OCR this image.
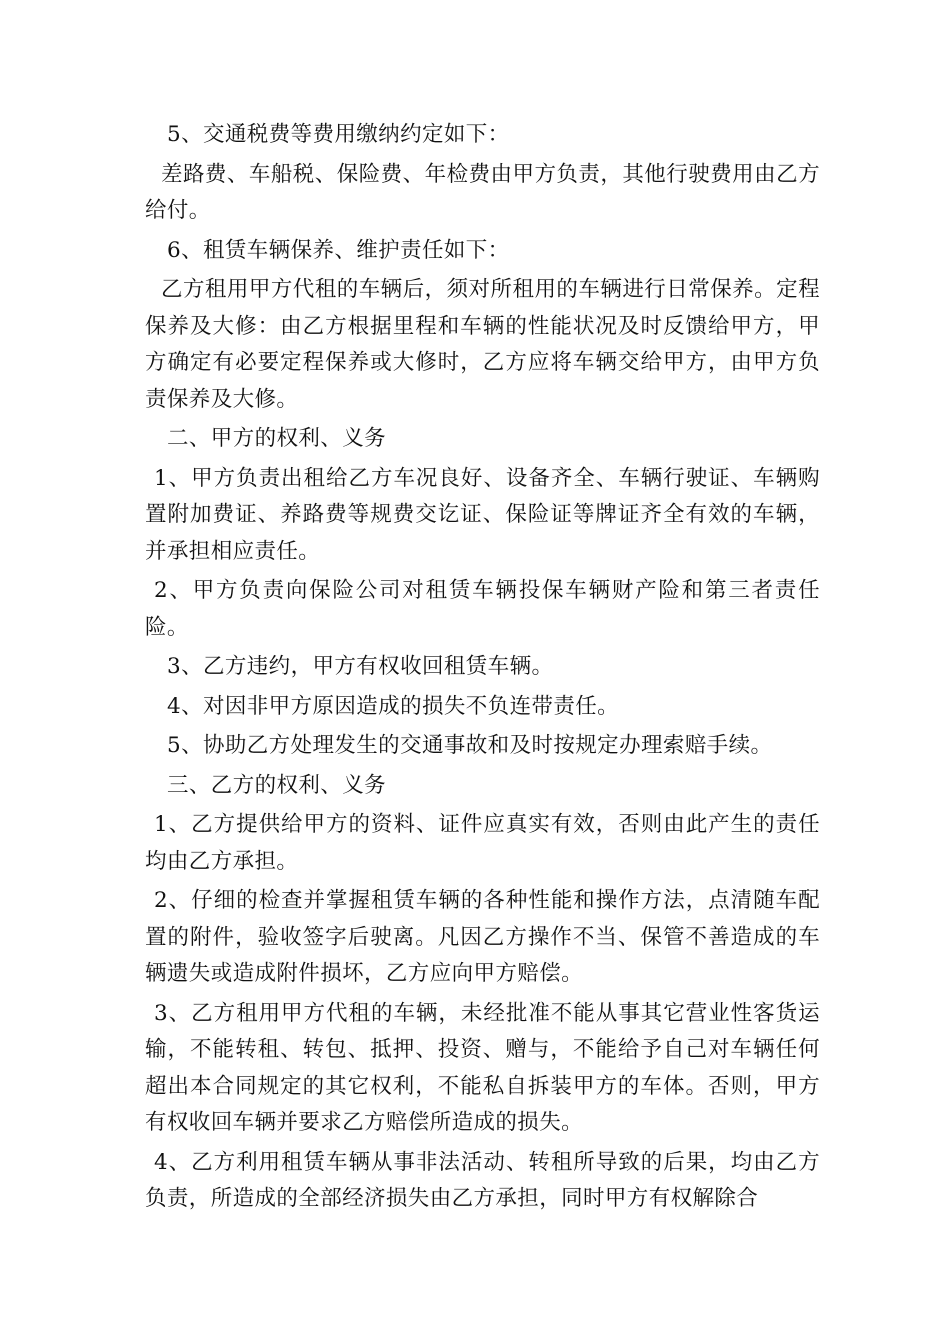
5、交通税费等费用缴纳约定如下：

差路费、车船税、保险费、年检费由甲方负责，其他行驶费用由乙方给付。

6、租赁车辆保养、维护责任如下：

乙方租用甲方代租的车辆后，须对所租用的车辆进行日常保养。定程保养及大修：由乙方根据里程和车辆的性能状况及时反馈给甲方，甲方确定有必要定程保养或大修时，乙方应将车辆交给甲方，由甲方负责保养及大修。

二、甲方的权利、义务

1、甲方负责出租给乙方车况良好、设备齐全、车辆行驶证、车辆购置附加费证、养路费等规费交讫证、保险证等牌证齐全有效的车辆，并承担相应责任。

2、甲方负责向保险公司对租赁车辆投保车辆财产险和第三者责任险。

3、乙方违约，甲方有权收回租赁车辆。

4、对因非甲方原因造成的损失不负连带责任。

5、协助乙方处理发生的交通事故和及时按规定办理索赔手续。

三、乙方的权利、义务

1、乙方提供给甲方的资料、证件应真实有效，否则由此产生的责任均由乙方承担。

2、仔细的检查并掌握租赁车辆的各种性能和操作方法，点清随车配置的附件，验收签字后驶离。凡因乙方操作不当、保管不善造成的车辆遗失或造成附件损坏，乙方应向甲方赔偿。

3、乙方租用甲方代租的车辆，未经批准不能从事其它营业性客货运输，不能转租、转包、抵押、投资、赠与，不能给予自己对车辆任何超出本合同规定的其它权利，不能私自拆装甲方的车体。否则，甲方有权收回车辆并要求乙方赔偿所造成的损失。

4、乙方利用租赁车辆从事非法活动、转租所导致的后果，均由乙方负责，所造成的全部经济损失由乙方承担，同时甲方有权解除合
